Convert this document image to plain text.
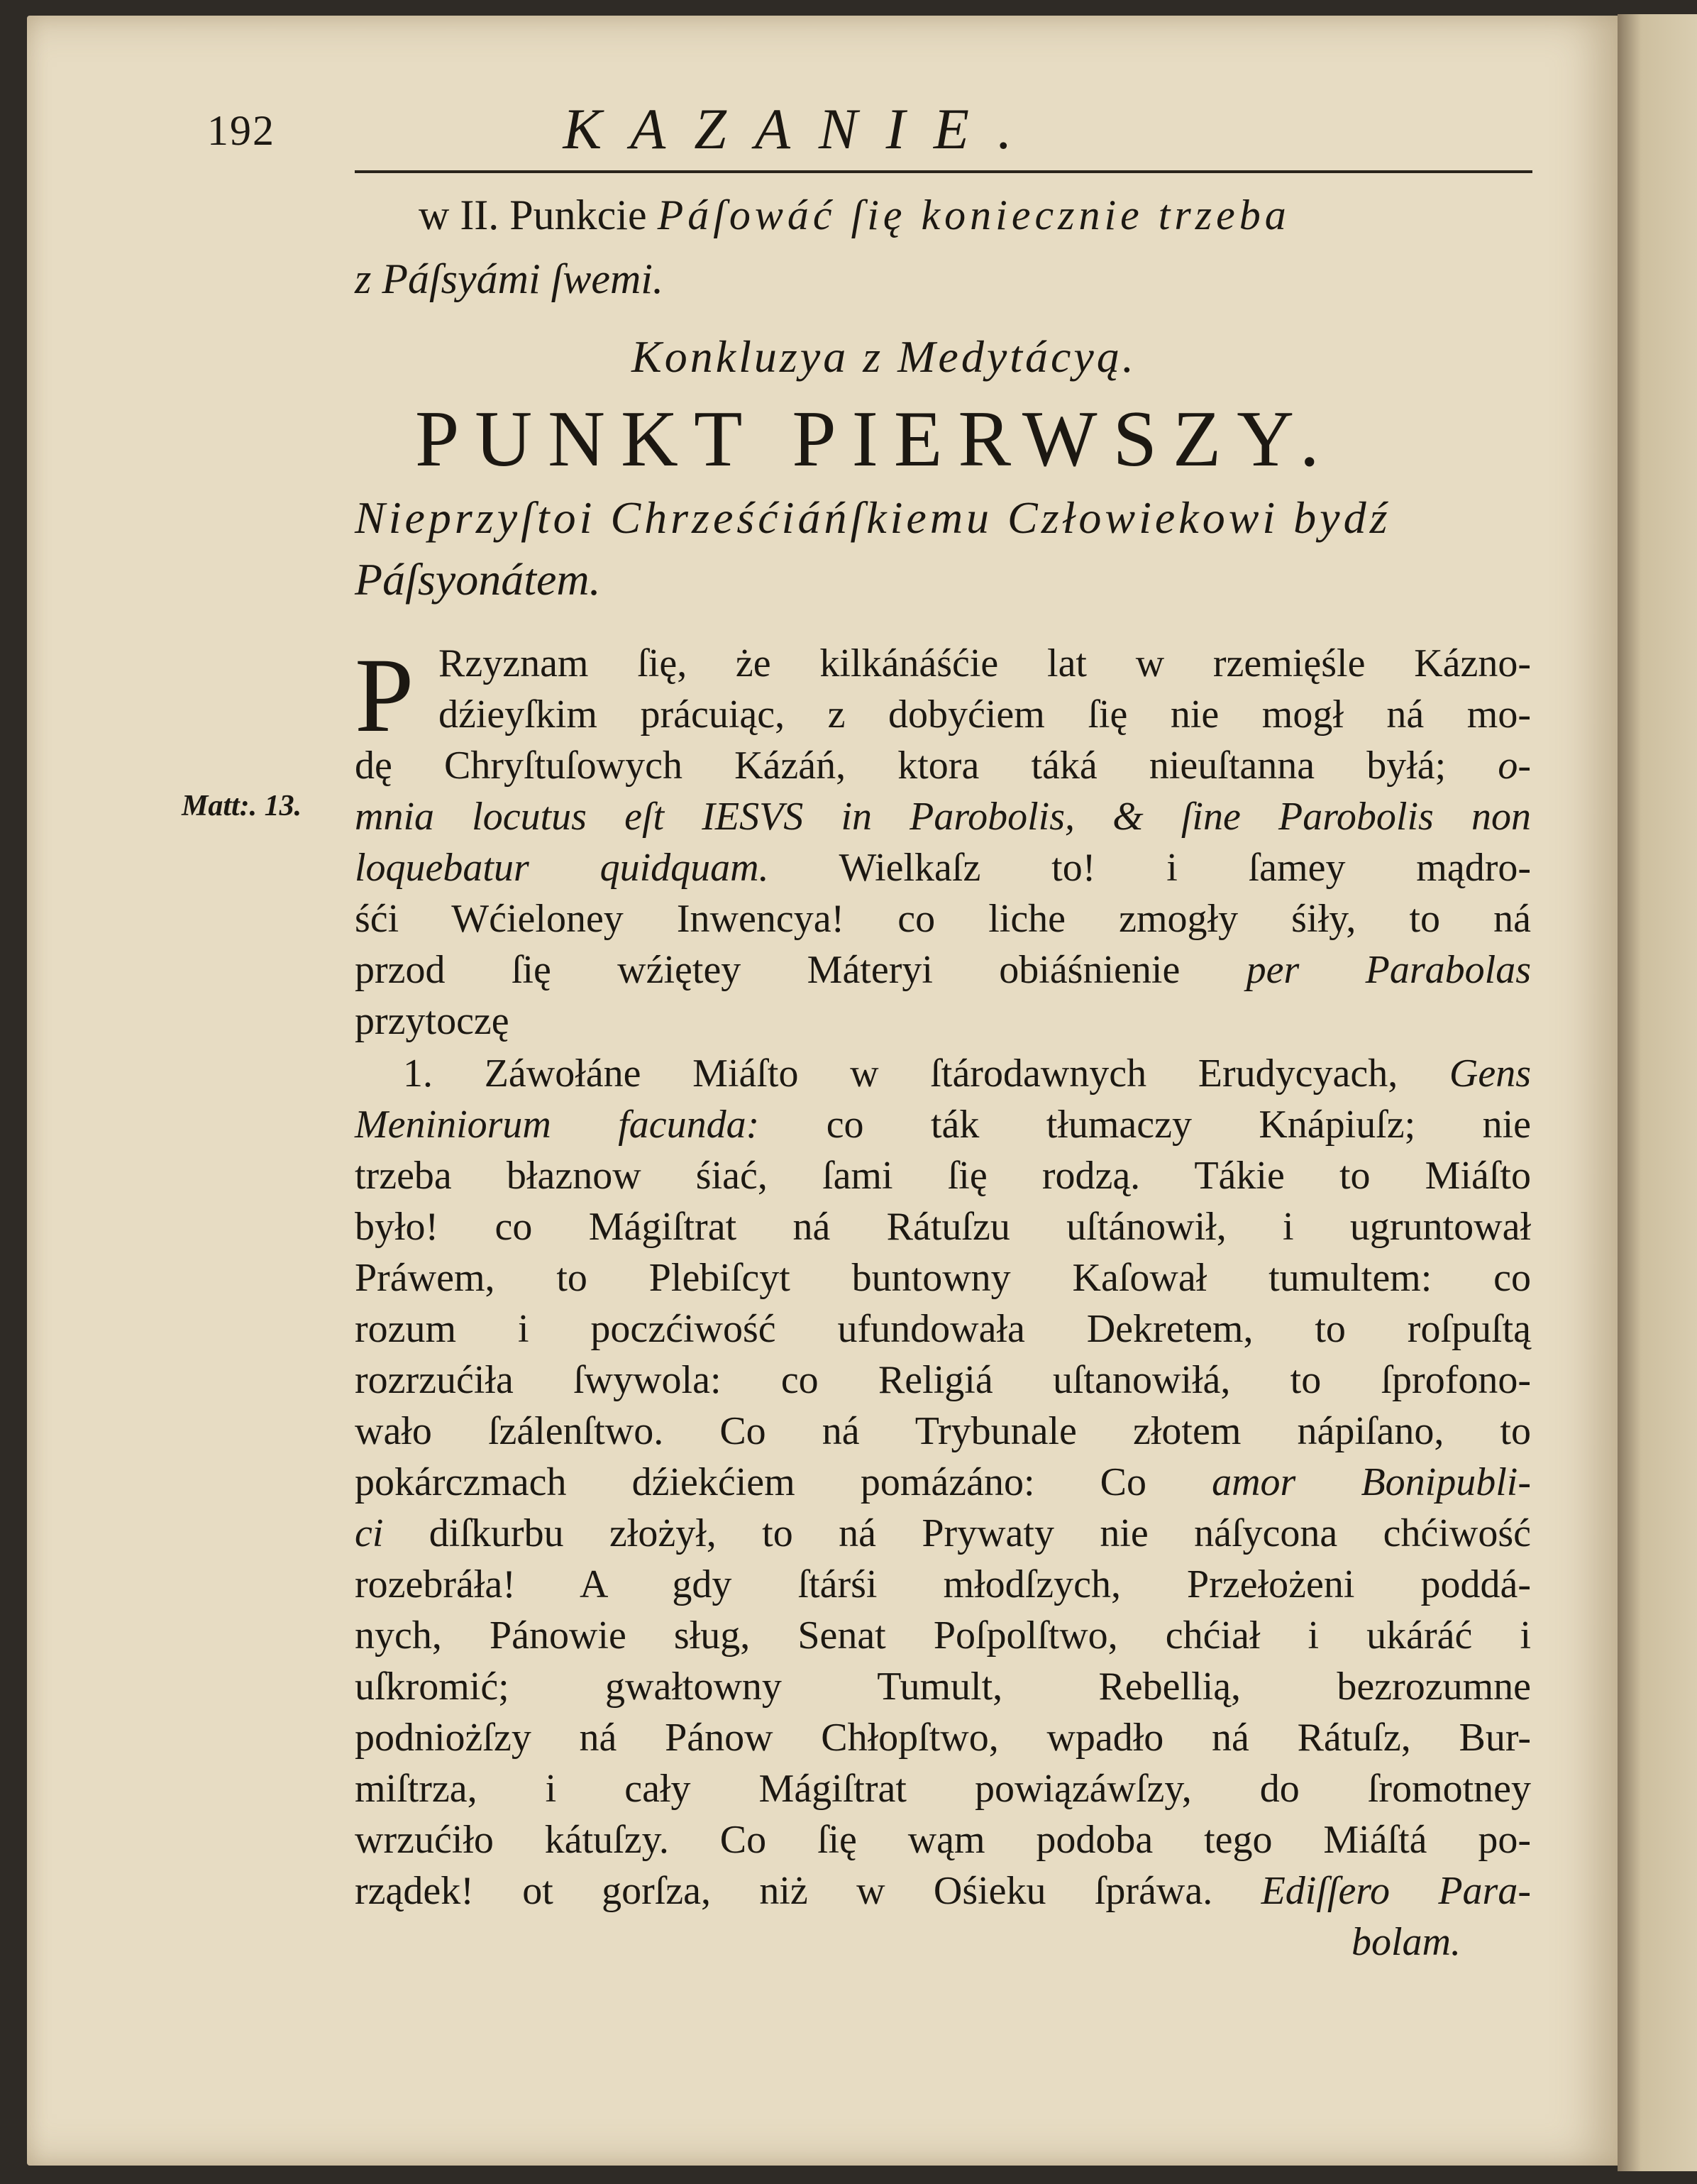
192	KAZANIE.
w II. Punkcie Páſowáć ſię koniecznie trzeba
z Páſsyámi ſwemi.
Konkluzya z Medytácyą.
PUNKT PIERWSZY.
Nieprzyſtoi Chrześćiáńſkiemu Człowiekowi bydź
Páſsyonátem.
P
Matt:. 13.
Rzyznam ſię, że kilkánáśćie lat w rzemięśle Kázno-
dźieyſkim prácuiąc, z dobyćiem ſię nie mogł ná mo-
dę Chryſtuſowych Kázáń, ktora táká nieuſtanna byłá; o-
mnia locutus eſt IESVS in Parobolis, & ſine Parobolis non
loquebatur quidquam. Wielkaſz to! i ſamey mądro-
śći Wćieloney Inwencya! co liche zmogły śiły, to ná
przod ſię wźiętey Máteryi obiáśnienie per Parabolas
przytoczę
1. Záwołáne Miáſto w ſtárodawnych Erudycyach, Gens
Meniniorum facunda: co ták tłumaczy Knápiuſz; nie
trzeba błaznow śiać, ſami ſię rodzą. Tákie to Miáſto
było! co Mágiſtrat ná Rátuſzu uſtánowił, i ugruntował
Práwem, to Plebiſcyt buntowny Kaſował tumultem: co
rozum i poczćiwość ufundowała Dekretem, to roſpuſtą
rozrzućiła ſwywola: co Religiá uſtanowiłá, to ſprofono-
wało ſzálenſtwo. Co ná Trybunale złotem nápiſano, to
pokárczmach dźiekćiem pomázáno: Co amor Bonipubli-
ci diſkurbu złożył, to ná Prywaty nie náſycona chćiwość
rozebráła! A gdy ſtárśi młodſzych, Przełożeni poddá-
nych, Pánowie sług, Senat Poſpolſtwo, chćiał i ukáráć i
uſkromić; gwałtowny Tumult, Rebellią, bezrozumne
podniożſzy ná Pánow Chłopſtwo, wpadło ná Rátuſz, Bur-
miſtrza, i cały Mágiſtrat powiązáwſzy, do ſromotney
wrzućiło kátuſzy. Co ſię wąm podoba tego Miáſtá po-
rządek! ot gorſza, niż w Ośieku ſpráwa. Ediſſero Para-
bolam.
